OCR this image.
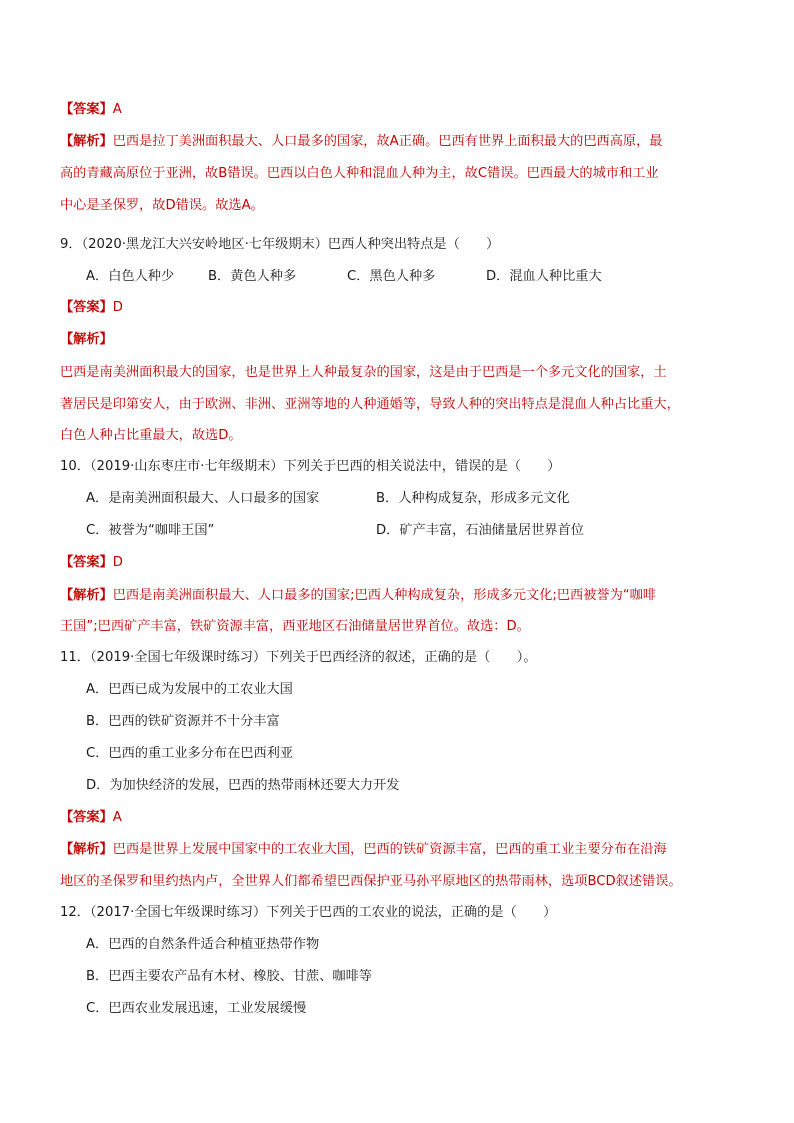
【答案】A
【解析】巴西是拉丁美洲面积最大、人口最多的国家，故A正确。巴西有世界上面积最大的巴西高原，最
高的青藏高原位于亚洲，故B错误。巴西以白色人种和混血人种为主，故C错误。巴西最大的城市和工业
中心是圣保罗，故D错误。故选A。
9．（2020·黑龙江大兴安岭地区·七年级期末）巴西人种突出特点是（　　）
A．白色人种少	B．黄色人种多	C．黑色人种多	D．混血人种比重大
【答案】D
【解析】
巴西是南美洲面积最大的国家，也是世界上人种最复杂的国家，这是由于巴西是一个多元文化的国家，土
著居民是印第安人，由于欧洲、非洲、亚洲等地的人种通婚等，导致人种的突出特点是混血人种占比重大，
白色人种占比重最大，故选D。
10．（2019·山东枣庄市·七年级期末）下列关于巴西的相关说法中，错误的是（　　）
A．是南美洲面积最大、人口最多的国家	B．人种构成复杂，形成多元文化
C．被誉为“咖啡王国”	D．矿产丰富，石油储量居世界首位
【答案】D
【解析】巴西是南美洲面积最大、人口最多的国家;巴西人种构成复杂，形成多元文化;巴西被誉为“咖啡
王国”;巴西矿产丰富，铁矿资源丰富，西亚地区石油储量居世界首位。故选：D。
11．（2019·全国七年级课时练习）下列关于巴西经济的叙述，正确的是（　　）。
A．巴西已成为发展中的工农业大国
B．巴西的铁矿资源并不十分丰富
C．巴西的重工业多分布在巴西利亚
D．为加快经济的发展，巴西的热带雨林还要大力开发
【答案】A
【解析】巴西是世界上发展中国家中的工农业大国，巴西的铁矿资源丰富，巴西的重工业主要分布在沿海
地区的圣保罗和里约热内卢，全世界人们都希望巴西保护亚马孙平原地区的热带雨林，选项BCD叙述错误。
12．（2017·全国七年级课时练习）下列关于巴西的工农业的说法，正确的是（　　）
A．巴西的自然条件适合种植亚热带作物
B．巴西主要农产品有木材、橡胶、甘蔗、咖啡等
C．巴西农业发展迅速，工业发展缓慢
